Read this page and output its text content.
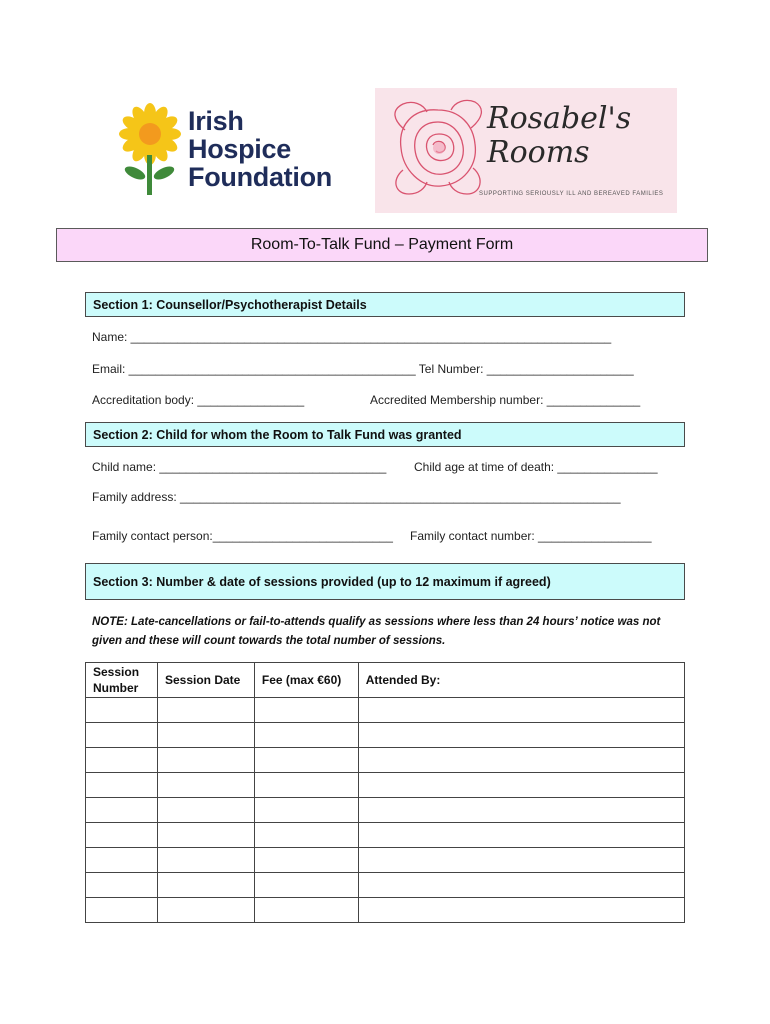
Irish
Hospice
Foundation
Rosabel's
Rooms
SUPPORTING SERIOUSLY ILL AND BEREAVED FAMILIES
Room-To-Talk Fund – Payment Form
Section 1: Counsellor/Psychotherapist Details
Name: ________________________________________________________________________
Email: ___________________________________________ Tel Number: ______________________
Accreditation body: ________________	Accredited Membership number: ______________
Section 2: Child for whom the Room to Talk Fund was granted
Child name: __________________________________ Child age at time of death: _______________
Family address: __________________________________________________________________
Family contact person:___________________________ Family contact number: _________________
Section 3: Number & date of sessions provided (up to 12 maximum if agreed)
NOTE: Late-cancellations or fail-to-attends qualify as sessions where less than 24 hours’ notice was not given and these will count towards the total number of sessions.
Session Number	Session Date	Fee (max €60)	Attended By:
